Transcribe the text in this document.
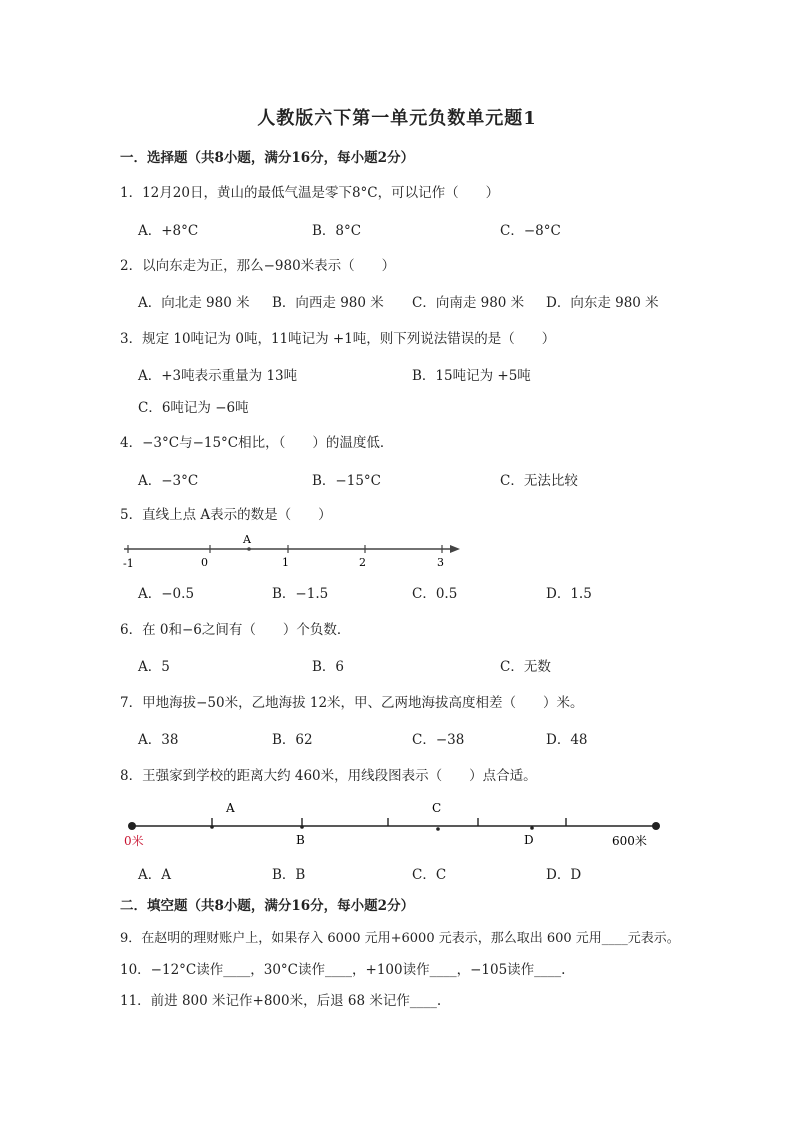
人教版六下第一单元负数单元题1
一．选择题（共8小题，满分16分，每小题2分）
1．12月20日，黄山的最低气温是零下8°C，可以记作（　　）
A．+8°C	B．8°C	C．−8°C
2．以向东走为正，那么−980米表示（　　）
A．向北走 980 米 B．向西走 980 米 C．向南走 980 米 D．向东走 980 米
3．规定 10吨记为 0吨，11吨记为 +1吨，则下列说法错误的是（　　）
A．+3吨表示重量为 13吨	B．15吨记为 +5吨
C．6吨记为 −6吨
4．−3°C与−15°C相比，（　　）的温度低．
A．−3°C	B．−15°C	C．无法比较
5．直线上点 A表示的数是（　　）
A
-1	0	1	2	3
A．−0.5	B．−1.5	C．0.5	D．1.5
6．在 0和−6之间有（　　）个负数．
A．5	B．6	C．无数
7．甲地海拔−50米，乙地海拔 12米，甲、乙两地海拔高度相差（　　）米。
A．38	B．62	C．−38	D．48
8．王强家到学校的距离大约 460米，用线段图表示（　　）点合适。
A
B
C
D
0米	600米
A．A	B．B	C．C	D．D
二．填空题（共8小题，满分16分，每小题2分）
9．在赵明的理财账户上，如果存入 6000 元用+6000 元表示，那么取出 600 元用____元表示。
10．−12°C读作____，30°C读作____，+100读作____，−105读作____.
11．前进 800 米记作+800米，后退 68 米记作____.
